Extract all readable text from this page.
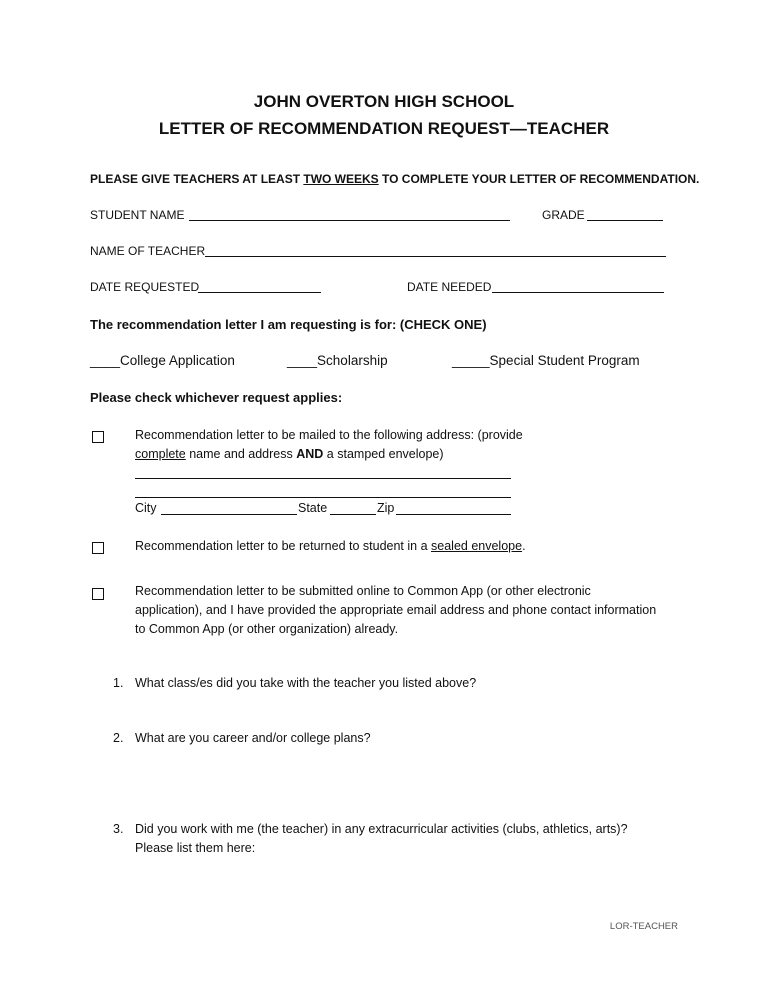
JOHN OVERTON HIGH SCHOOL
LETTER OF RECOMMENDATION REQUEST—TEACHER
PLEASE GIVE TEACHERS AT LEAST TWO WEEKS TO COMPLETE YOUR LETTER OF RECOMMENDATION.
STUDENT NAME	GRADE
NAME OF TEACHER
DATE REQUESTED	DATE NEEDED
The recommendation letter I am requesting is for: (CHECK ONE)
____College Application	____Scholarship	_____Special Student Program
Please check whichever request applies:
Recommendation letter to be mailed to the following address: (provide
complete name and address AND a stamped envelope)
City	State	Zip
Recommendation letter to be returned to student in a sealed envelope.
Recommendation letter to be submitted online to Common App (or other electronic
application), and I have provided the appropriate email address and phone contact information
to Common App (or other organization) already.
1. What class/es did you take with the teacher you listed above?
2. What are you career and/or college plans?
3. Did you work with me (the teacher) in any extracurricular activities (clubs, athletics, arts)?
Please list them here:
LOR-TEACHER
